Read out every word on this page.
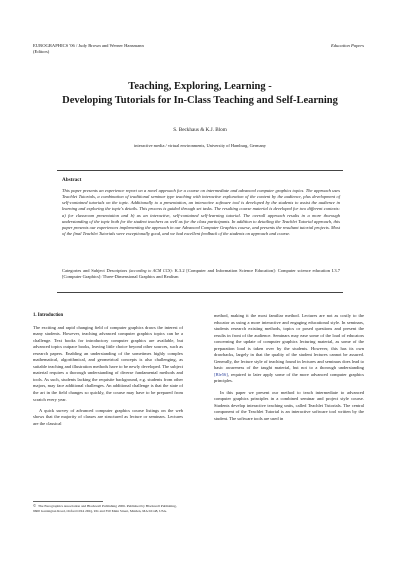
EUROGRAPHICS '06 / Judy Brown and Werner Hansmann
(Editors)
Education Papers
Teaching, Exploring, Learning -
Developing Tutorials for In-Class Teaching and Self-Learning
S. Beckhaus & K.J. Blom
interactive media / virtual environments, University of Hamburg, Germany
Abstract
This paper presents an experience report on a novel approach for a course on intermediate and advanced computer graphics topics. The approach uses Teachlet Tutorials, a combination of traditional seminar type teaching with interactive exploration of the content by the audience, plus development of self-contained tutorials on the topic. Additionally to a presentation, an interactive software tool is developed by the students to assist the audience in learning and exploring the topic's details. This process is guided through set tasks. The resulting course material is developed for two different contexts: a) for classroom presentation and b) as an interactive, self-contained self-learning tutorial. The overall approach results in a more thorough understanding of the topic both for the student teachers as well as for the class participants. In addition to detailing the Teachlet Tutorial approach, this paper presents our experiences implementing the approach in our Advanced Computer Graphics course, and presents the resultant tutorial projects. Most of the final Teachlet Tutorials were exceptionally good, and we had excellent feedback of the students on approach and course.
Categories and Subject Descriptors (according to ACM CCS): K.3.2 [Computer and Information Science Education]: Computer science education I.3.7 [Computer Graphics]: Three-Dimensional Graphics and Realism
1. Introduction

The exciting and rapid changing field of computer graphics draws the interest of many students. However, teaching advanced computer graphics topics can be a challenge. Text books for introductory computer graphics are available, but advanced topics outpace books, leaving little choice beyond other sources, such as research papers. Enabling an understanding of the sometimes highly complex mathematical, algorithmical, and geometrical concepts is also challenging, as suitable teaching and illustration methods have to be newly developed. The subject material requires a thorough understanding of diverse fundamental methods and tools. As such, students lacking the requisite background, e.g. students from other majors, may face additional challenges. An additional challenge is that the state of the art in the field changes so quickly, the course may have to be prepared from scratch every year.

A quick survey of advanced computer graphics course listings on the web shows that the majority of classes are structured as lecture or seminars. Lectures are the classical

method, making it the most familiar method. Lectures are not as costly to the educator as using a more interactive and engaging educational style. In seminars, students research existing methods, topics or posed questions and present the results in front of the audience. Seminars may ease some of the load of educators concerning the update of computer graphics lecturing material, as some of the preparation load is taken over by the students. However, this has its own drawbacks, largely in that the quality of the student lectures cannot be assured. Generally, the lecture style of teaching found in lectures and seminars does lead to basic awareness of the taught material, but not to a thorough understanding [Ble56], required to later apply some of the more advanced computer graphics principles.

In this paper we present our method to teach intermediate to advanced computer graphics principles in a combined seminar and project style course. Students develop interactive teaching units, called Teachlet Tutorials. The central component of the Teachlet Tutorial is an interactive software tool written by the student. The software tools are used in

© The Eurographics Association and Blackwell Publishing 2006. Published by Blackwell Publishing, 9600 Garsington Road, Oxford OX4 2DQ, UK and 350 Main Street, Malden, MA 02148, USA.
